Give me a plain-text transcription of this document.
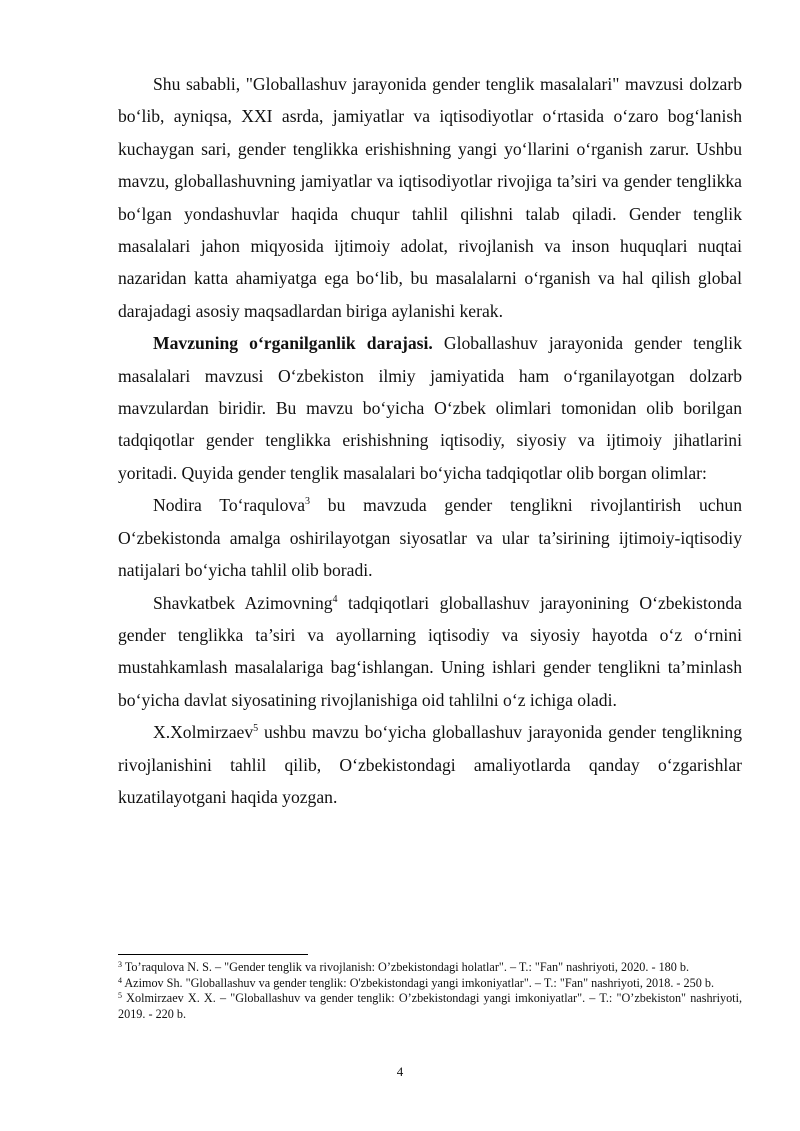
Shu sababli, "Globallashuv jarayonida gender tenglik masalalari" mavzusi dolzarb bo‘lib, ayniqsa, XXI asrda, jamiyatlar va iqtisodiyotlar o‘rtasida o‘zaro bog‘lanish kuchaygan sari, gender tenglikka erishishning yangi yo‘llarini o‘rganish zarur. Ushbu mavzu, globallashuvning jamiyatlar va iqtisodiyotlar rivojiga ta’siri va gender tenglikka bo‘lgan yondashuvlar haqida chuqur tahlil qilishni talab qiladi. Gender tenglik masalalari jahon miqyosida ijtimoiy adolat, rivojlanish va inson huquqlari nuqtai nazaridan katta ahamiyatga ega bo‘lib, bu masalalarni o‘rganish va hal qilish global darajadagi asosiy maqsadlardan biriga aylanishi kerak.

Mavzuning o‘rganilganlik darajasi. Globallashuv jarayonida gender tenglik masalalari mavzusi O‘zbekiston ilmiy jamiyatida ham o‘rganilayotgan dolzarb mavzulardan biridir. Bu mavzu bo‘yicha O‘zbek olimlari tomonidan olib borilgan tadqiqotlar gender tenglikka erishishning iqtisodiy, siyosiy va ijtimoiy jihatlarini yoritadi. Quyida gender tenglik masalalari bo‘yicha tadqiqotlar olib borgan olimlar:

Nodira To‘raqulova$^3$ bu mavzuda gender tenglikni rivojlantirish uchun O‘zbekistonda amalga oshirilayotgan siyosatlar va ular ta’sirining ijtimoiy-iqtisodiy natijalari bo‘yicha tahlil olib boradi.

Shavkatbek Azimovning$^4$ tadqiqotlari globallashuv jarayonining O‘zbekistonda gender tenglikka ta’siri va ayollarning iqtisodiy va siyosiy hayotda o‘z o‘rnini mustahkamlash masalalariga bag‘ishlangan. Uning ishlari gender tenglikni ta’minlash bo‘yicha davlat siyosatining rivojlanishiga oid tahlilni o‘z ichiga oladi.

X.Xolmirzaev$^5$ ushbu mavzu bo‘yicha globallashuv jarayonida gender tenglikning rivojlanishini tahlil qilib, O‘zbekistondagi amaliyotlarda qanday o‘zgarishlar kuzatilayotgani haqida yozgan.

$^3$ To’raqulova N. S. – "Gender tenglik va rivojlanish: O’zbekistondagi holatlar". – T.: "Fan" nashriyoti, 2020. - 180 b.

$^4$ Azimov Sh. "Globallashuv va gender tenglik: O'zbekistondagi yangi imkoniyatlar". – T.: "Fan" nashriyoti, 2018. - 250 b.

$^5$ Xolmirzaev X. X. – "Globallashuv va gender tenglik: O’zbekistondagi yangi imkoniyatlar". – T.: "O’zbekiston" nashriyoti, 2019. - 220 b.

4
